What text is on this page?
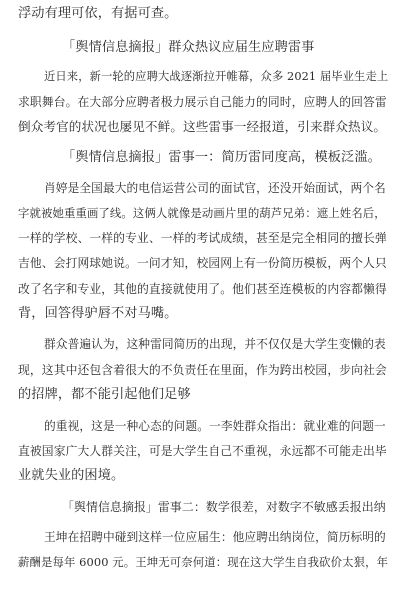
浮动有理可依，有据可查。
「舆情信息摘报」群众热议应届生应聘雷事
近日来，新一轮的应聘大战逐渐拉开帷幕，众多 2021 届毕业生走上
求职舞台。在大部分应聘者极力展示自己能力的同时，应聘人的回答雷
倒众考官的状况也屡见不鲜。这些雷事一经报道，引来群众热议。
「舆情信息摘报」雷事一：简历雷同度高，模板泛滥。
肖婷是全国最大的电信运营公司的面试官，还没开始面试，两个名
字就被她重重画了线。这俩人就像是动画片里的葫芦兄弟：遮上姓名后，
一样的学校、一样的专业、一样的考试成绩，甚至是完全相同的擅长弹
吉他、会打网球她说。一问才知，校园网上有一份简历模板，两个人只
改了名字和专业，其他的直接就使用了。他们甚至连模板的内容都懒得
背，回答得驴唇不对马嘴。
群众普遍认为，这种雷同简历的出现，并不仅仅是大学生变懒的表
现，这其中还包含着很大的不负责任在里面，作为跨出校园，步向社会
的招牌，都不能引起他们足够
的重视，这是一种心态的问题。一李姓群众指出：就业难的问题一
直被国家广大人群关注，可是大学生自己不重视，永远都不可能走出毕
业就失业的困境。
「舆情信息摘报」雷事二：数学很差，对数字不敏感丢报出纳
王坤在招聘中碰到这样一位应届生：他应聘出纳岗位，简历标明的
薪酬是每年 6000 元。王坤无可奈何道：现在这大学生自我砍价太狠，年
